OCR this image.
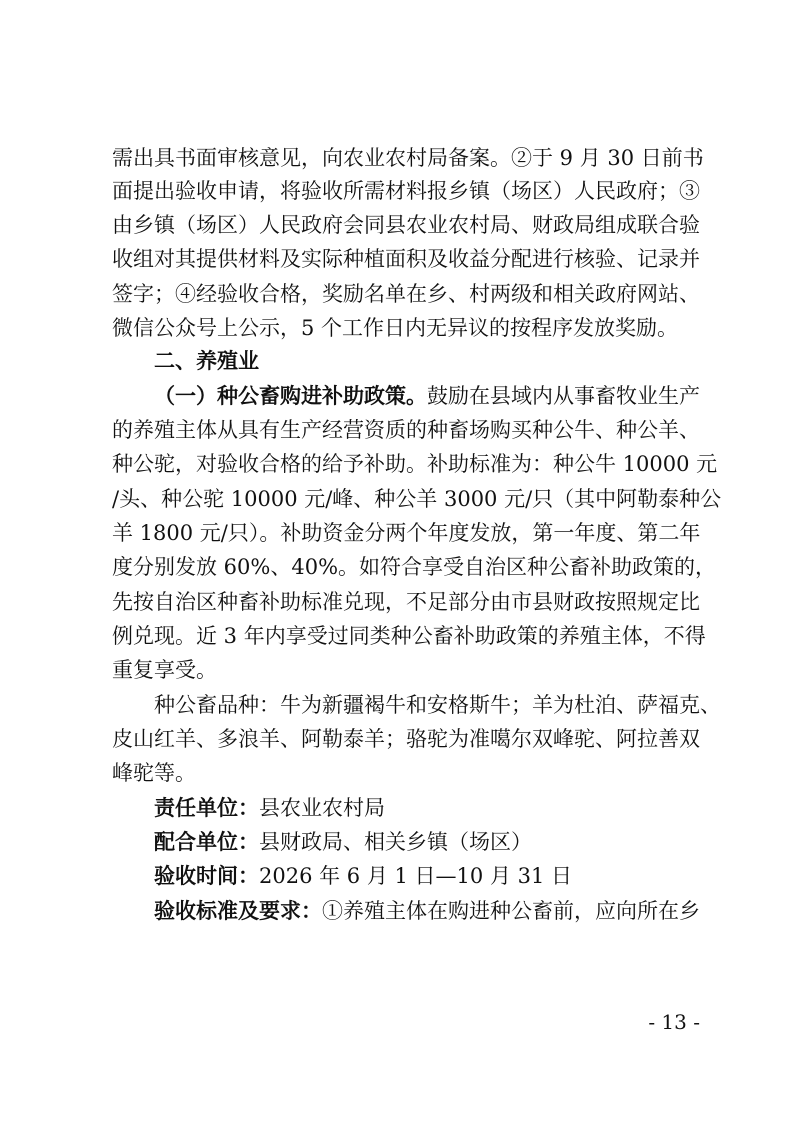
需出具书面审核意见，向农业农村局备案。②于 9 月 30 日前书
面提出验收申请，将验收所需材料报乡镇（场区）人民政府；③
由乡镇（场区）人民政府会同县农业农村局、财政局组成联合验
收组对其提供材料及实际种植面积及收益分配进行核验、记录并
签字；④经验收合格，奖励名单在乡、村两级和相关政府网站、
微信公众号上公示，5 个工作日内无异议的按程序发放奖励。
二、养殖业
（一）种公畜购进补助政策。鼓励在县域内从事畜牧业生产
的养殖主体从具有生产经营资质的种畜场购买种公牛、种公羊、
种公驼，对验收合格的给予补助。补助标准为：种公牛 10000 元
/头、种公驼 10000 元/峰、种公羊 3000 元/只（其中阿勒泰种公
羊 1800 元/只）。补助资金分两个年度发放，第一年度、第二年
度分别发放 60%、40%。如符合享受自治区种公畜补助政策的，
先按自治区种畜补助标准兑现，不足部分由市县财政按照规定比
例兑现。近 3 年内享受过同类种公畜补助政策的养殖主体，不得
重复享受。
种公畜品种：牛为新疆褐牛和安格斯牛；羊为杜泊、萨福克、
皮山红羊、多浪羊、阿勒泰羊；骆驼为准噶尔双峰驼、阿拉善双
峰驼等。
责任单位：县农业农村局
配合单位：县财政局、相关乡镇（场区）
验收时间：2026 年 6 月 1 日—10 月 31 日
验收标准及要求：①养殖主体在购进种公畜前，应向所在乡
- 13 -
